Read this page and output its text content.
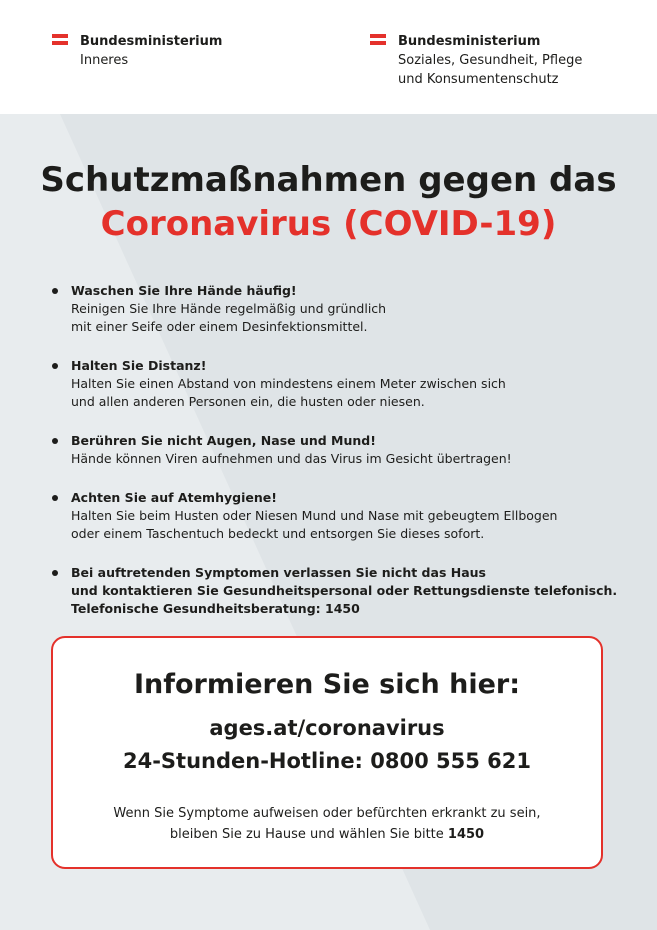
Bundesministerium
Inneres
Bundesministerium
Soziales, Gesundheit, Pflege
und Konsumentenschutz
Schutzmaßnahmen gegen das
Coronavirus (COVID-19)
Waschen Sie Ihre Hände häufig!
Reinigen Sie Ihre Hände regelmäßig und gründlich
mit einer Seife oder einem Desinfektionsmittel.
Halten Sie Distanz!
Halten Sie einen Abstand von mindestens einem Meter zwischen sich
und allen anderen Personen ein, die husten oder niesen.
Berühren Sie nicht Augen, Nase und Mund!
Hände können Viren aufnehmen und das Virus im Gesicht übertragen!
Achten Sie auf Atemhygiene!
Halten Sie beim Husten oder Niesen Mund und Nase mit gebeugtem Ellbogen
oder einem Taschentuch bedeckt und entsorgen Sie dieses sofort.
Bei auftretenden Symptomen verlassen Sie nicht das Haus
und kontaktieren Sie Gesundheitspersonal oder Rettungsdienste telefonisch.
Telefonische Gesundheitsberatung: 1450
Informieren Sie sich hier:
ages.at/coronavirus
24-Stunden-Hotline: 0800 555 621
Wenn Sie Symptome aufweisen oder befürchten erkrankt zu sein,
bleiben Sie zu Hause und wählen Sie bitte 1450
